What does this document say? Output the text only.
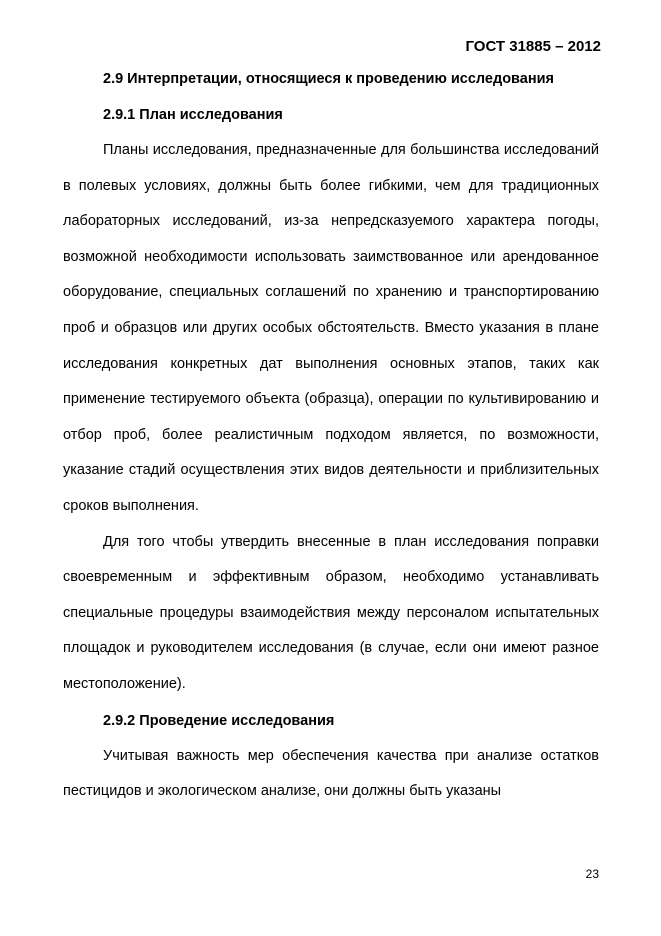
ГОСТ 31885 – 2012

2.9 Интерпретации, относящиеся к проведению исследования

2.9.1 План исследования

Планы исследования, предназначенные для большинства исследований в полевых условиях, должны быть более гибкими, чем для традиционных лабораторных исследований, из-за непредсказуемого характера погоды, возможной необходимости использовать заимствованное или арендованное оборудование, специальных соглашений по хранению и транспортированию проб и образцов или других особых обстоятельств. Вместо указания в плане исследования конкретных дат выполнения основных этапов, таких как применение тестируемого объекта (образца), операции по культивированию и отбор проб, более реалистичным подходом является, по возможности, указание стадий осуществления этих видов деятельности и приблизительных сроков выполнения.

Для того чтобы утвердить внесенные в план исследования поправки своевременным и эффективным образом, необходимо устанавливать специальные процедуры взаимодействия между персоналом испытательных площадок и руководителем исследования (в случае, если они имеют разное местоположение).

2.9.2 Проведение исследования

Учитывая важность мер обеспечения качества при анализе остатков пестицидов и экологическом анализе, они должны быть указаны

23
